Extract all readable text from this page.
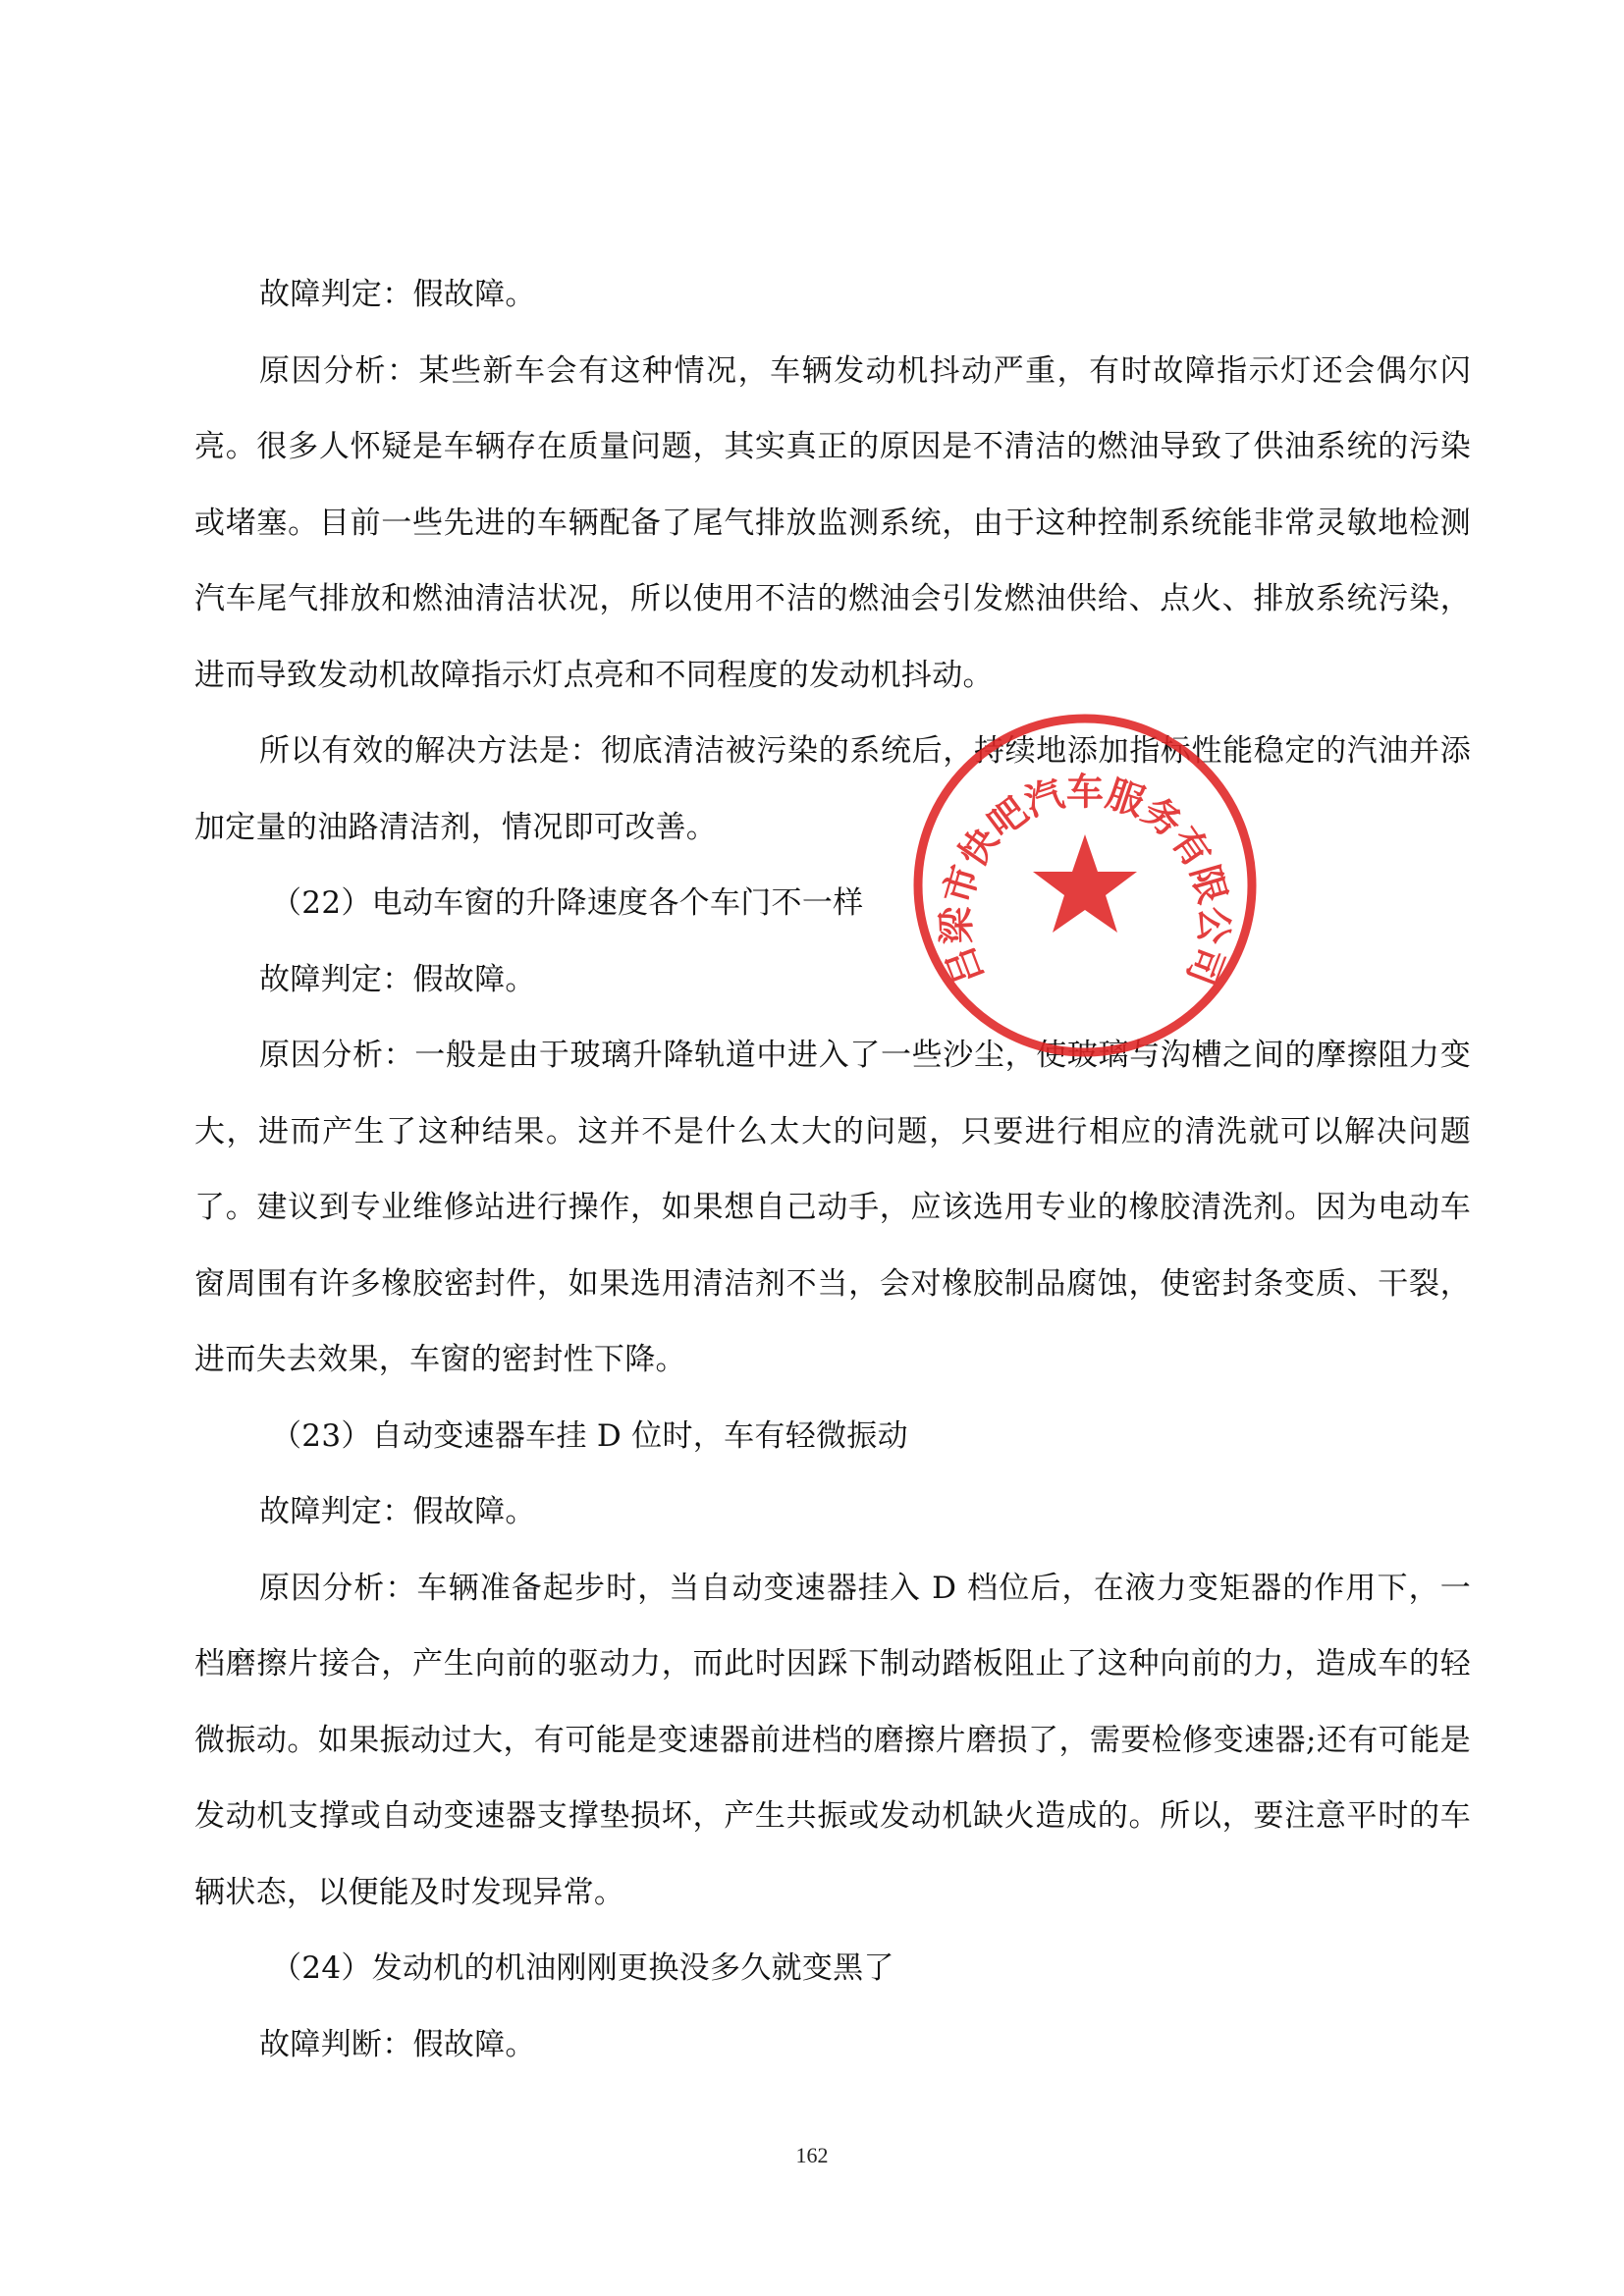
故障判定：假故障。

原因分析：某些新车会有这种情况，车辆发动机抖动严重，有时故障指示灯还会偶尔闪亮。很多人怀疑是车辆存在质量问题，其实真正的原因是不清洁的燃油导致了供油系统的污染或堵塞。目前一些先进的车辆配备了尾气排放监测系统，由于这种控制系统能非常灵敏地检测汽车尾气排放和燃油清洁状况，所以使用不洁的燃油会引发燃油供给、点火、排放系统污染，进而导致发动机故障指示灯点亮和不同程度的发动机抖动。

所以有效的解决方法是：彻底清洁被污染的系统后，持续地添加指标性能稳定的汽油并添加定量的油路清洁剂，情况即可改善。

（22）电动车窗的升降速度各个车门不一样

故障判定：假故障。

原因分析：一般是由于玻璃升降轨道中进入了一些沙尘，使玻璃与沟槽之间的摩擦阻力变大，进而产生了这种结果。这并不是什么太大的问题，只要进行相应的清洗就可以解决问题了。建议到专业维修站进行操作，如果想自己动手，应该选用专业的橡胶清洗剂。因为电动车窗周围有许多橡胶密封件，如果选用清洁剂不当，会对橡胶制品腐蚀，使密封条变质、干裂，进而失去效果，车窗的密封性下降。

（23）自动变速器车挂 D 位时，车有轻微振动

故障判定：假故障。

原因分析：车辆准备起步时，当自动变速器挂入 D 档位后，在液力变矩器的作用下，一档磨擦片接合，产生向前的驱动力，而此时因踩下制动踏板阻止了这种向前的力，造成车的轻微振动。如果振动过大，有可能是变速器前进档的磨擦片磨损了，需要检修变速器;还有可能是发动机支撑或自动变速器支撑垫损坏，产生共振或发动机缺火造成的。所以，要注意平时的车辆状态，以便能及时发现异常。

（24）发动机的机油刚刚更换没多久就变黑了

故障判断：假故障。

吕梁市快吧汽车服务有限公司
162
